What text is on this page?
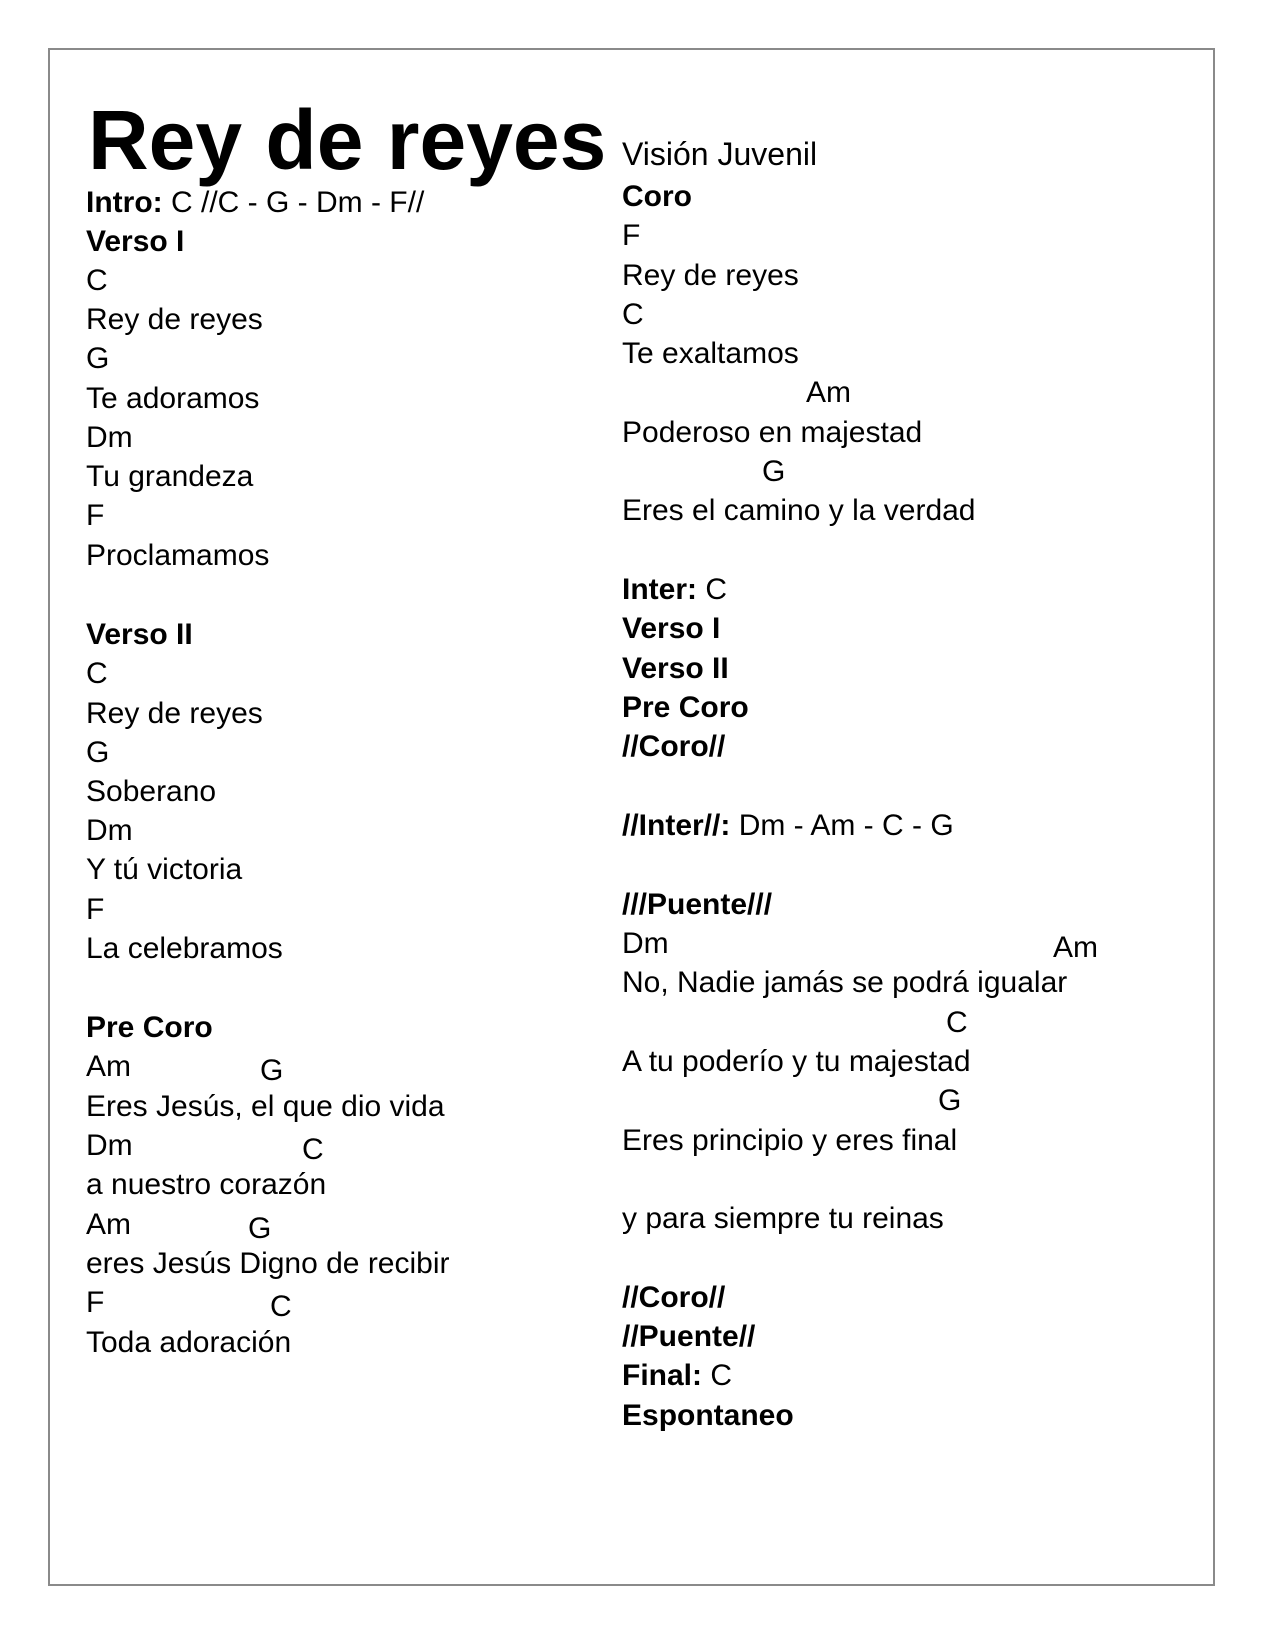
Rey de reyes Visión Juvenil
Intro: C //C - G - Dm - F//
Verso I
C
Rey de reyes
G
Te adoramos
Dm
Tu grandeza
F
Proclamamos
Verso II
C
Rey de reyes
G
Soberano
Dm
Y tú victoria
F
La celebramos
Pre Coro
Am	G
Eres Jesús, el que dio vida
Dm	C
a nuestro corazón
Am	G
eres Jesús Digno de recibir
F	C
Toda adoración
Coro
F
Rey de reyes
C
Te exaltamos
Am
Poderoso en majestad
G
Eres el camino y la verdad
Inter: C
Verso I
Verso II
Pre Coro
//Coro//
//Inter//: Dm - Am - C - G
///Puente///
Dm	Am
No, Nadie jamás se podrá igualar
C
A tu poderío y tu majestad
G
Eres principio y eres final
y para siempre tu reinas
//Coro//
//Puente//
Final: C
Espontaneo
